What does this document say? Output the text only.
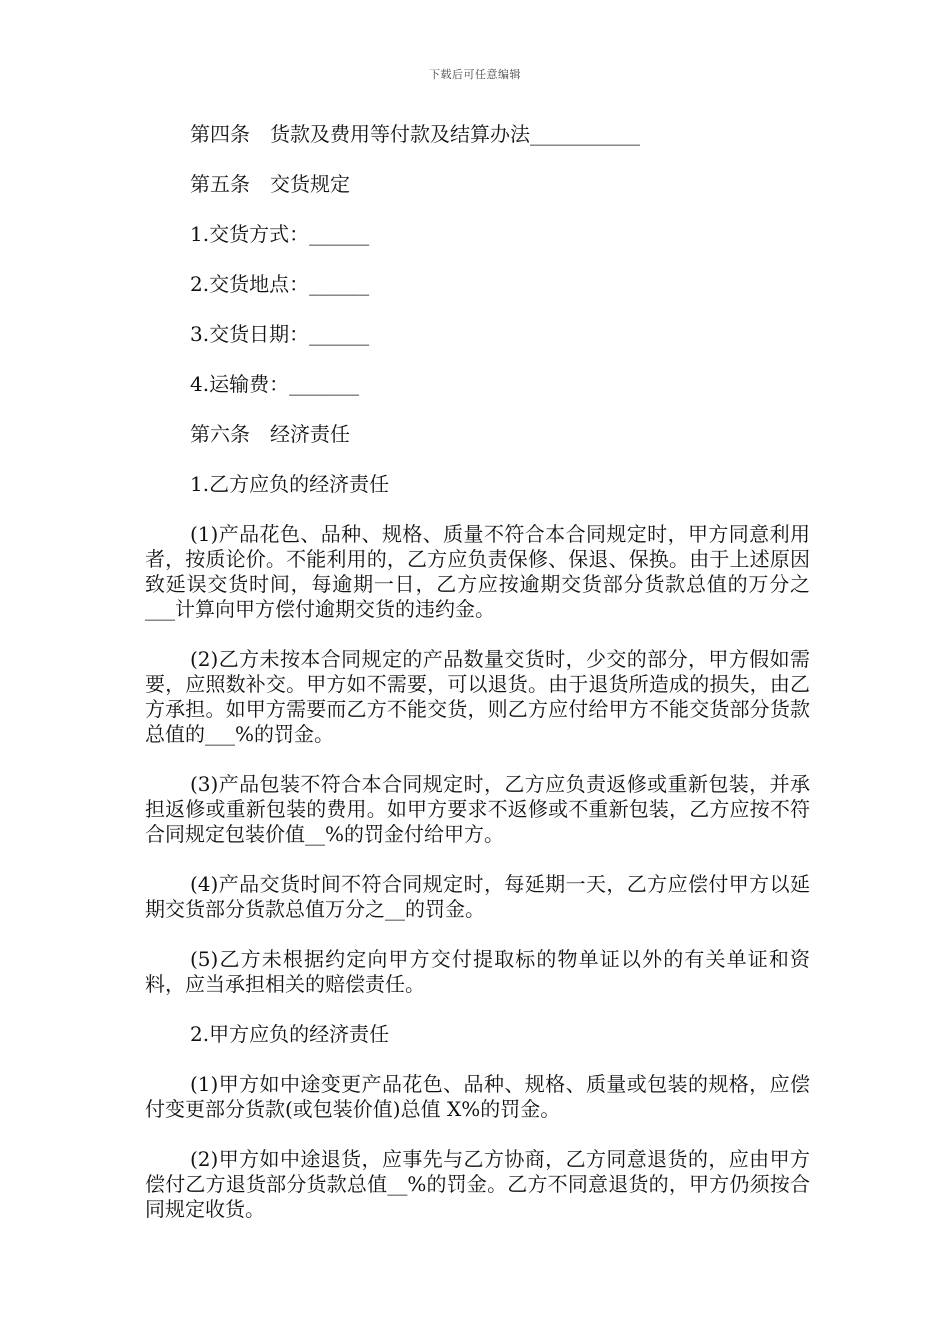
下载后可任意编辑
第四条　货款及费用等付款及结算办法___________
第五条　交货规定
1.交货方式：______
2.交货地点：______
3.交货日期：______
4.运输费：_______
第六条　经济责任
1.乙方应负的经济责任

(1)产品花色、品种、规格、质量不符合本合同规定时，甲方同意利用者，按质论价。不能利用的，乙方应负责保修、保退、保换。由于上述原因致延误交货时间，每逾期一日，乙方应按逾期交货部分货款总值的万分之___计算向甲方偿付逾期交货的违约金。

(2)乙方未按本合同规定的产品数量交货时，少交的部分，甲方假如需要，应照数补交。甲方如不需要，可以退货。由于退货所造成的损失，由乙方承担。如甲方需要而乙方不能交货，则乙方应付给甲方不能交货部分货款总值的___%的罚金。

(3)产品包装不符合本合同规定时，乙方应负责返修或重新包装，并承担返修或重新包装的费用。如甲方要求不返修或不重新包装，乙方应按不符合同规定包装价值__%的罚金付给甲方。

(4)产品交货时间不符合同规定时，每延期一天，乙方应偿付甲方以延期交货部分货款总值万分之__的罚金。

(5)乙方未根据约定向甲方交付提取标的物单证以外的有关单证和资料，应当承担相关的赔偿责任。

2.甲方应负的经济责任

(1)甲方如中途变更产品花色、品种、规格、质量或包装的规格，应偿付变更部分货款(或包装价值)总值 X%的罚金。

(2)甲方如中途退货，应事先与乙方协商，乙方同意退货的，应由甲方偿付乙方退货部分货款总值__%的罚金。乙方不同意退货的，甲方仍须按合同规定收货。
